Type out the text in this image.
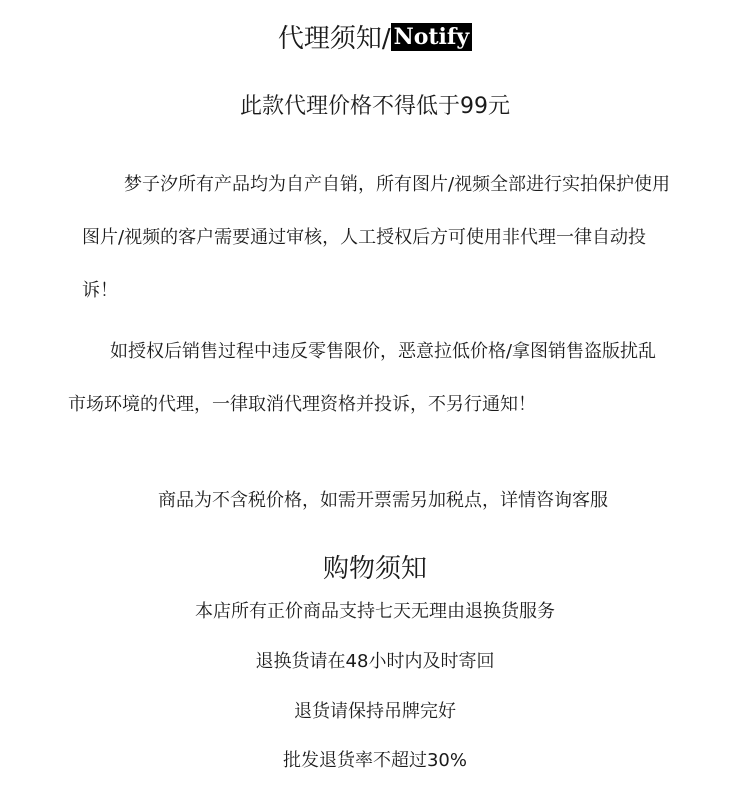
代理须知/ Notify
此款代理价格不得低于99元

梦子汐所有产品均为自产自销，所有图片/视频全部进行实拍保护使用图片/视频的客户需要通过审核，人工授权后方可使用非代理一律自动投诉！

如授权后销售过程中违反零售限价，恶意拉低价格/拿图销售盗版扰乱市场环境的代理，一律取消代理资格并投诉，不另行通知！

商品为不含税价格，如需开票需另加税点，详情咨询客服

购物须知
本店所有正价商品支持七天无理由退换货服务
退换货请在48小时内及时寄回
退货请保持吊牌完好
批发退货率不超过30%
